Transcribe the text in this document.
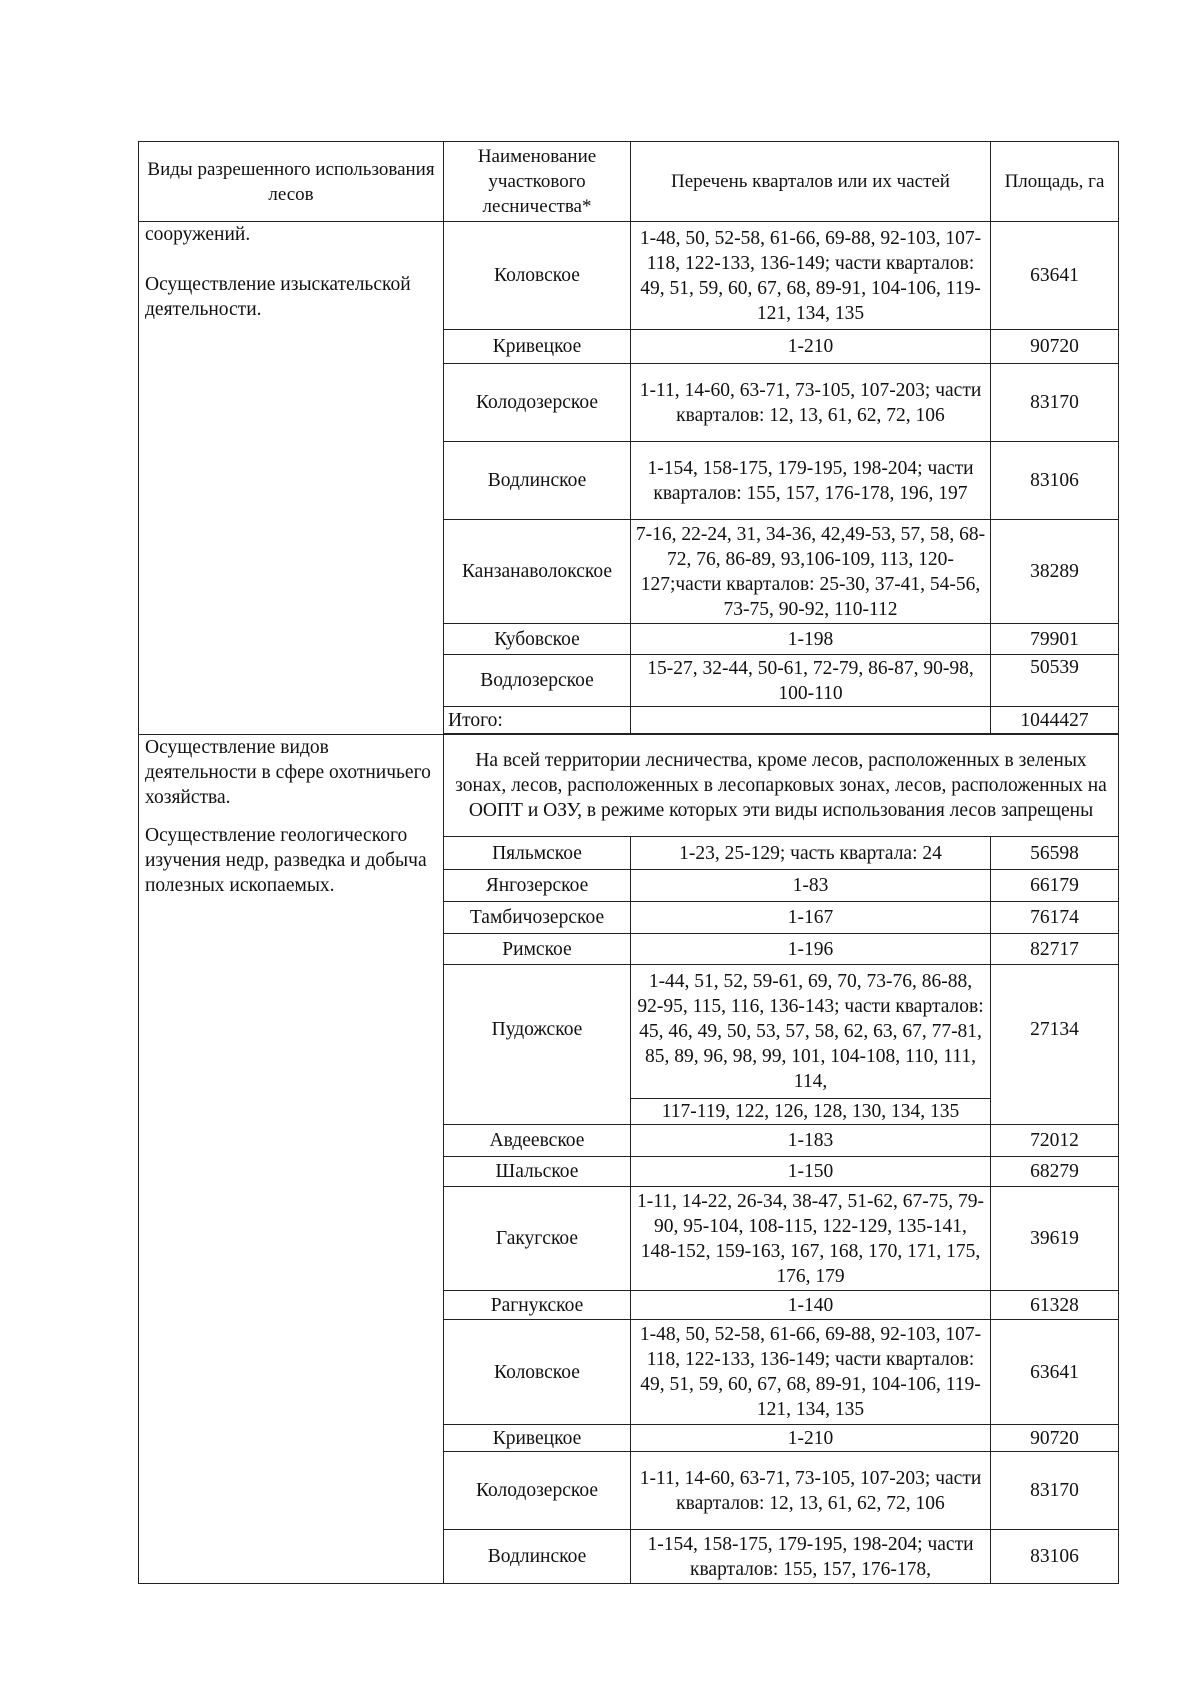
Виды разрешенного использования лесов	Наименование участкового лесничества*	Перечень кварталов или их частей	Площадь, га

сооружений.

Осуществление изыскательской деятельности.	Коловское	1-48, 50, 52-58, 61-66, 69-88, 92-103, 107-118, 122-133, 136-149; части кварталов: 49, 51, 59, 60, 67, 68, 89-91, 104-106, 119-121, 134, 135	63641
	Кривецкое	1-210	90720
	Колодозерское	1-11, 14-60, 63-71, 73-105, 107-203; части кварталов: 12, 13, 61, 62, 72, 106	83170
	Водлинское	1-154, 158-175, 179-195, 198-204; части кварталов: 155, 157, 176-178, 196, 197	83106
	Канзанаволокское	7-16, 22-24, 31, 34-36, 42,49-53, 57, 58, 68-72, 76, 86-89, 93,106-109, 113, 120-127;части кварталов: 25-30, 37-41, 54-56, 73-75, 90-92, 110-112	38289
	Кубовское	1-198	79901
	Водлозерское	15-27, 32-44, 50-61, 72-79, 86-87, 90-98, 100-110	50539
	Итого:		1044427

Осуществление видов деятельности в сфере охотничьего хозяйства.

Осуществление геологического изучения недр, разведка и добыча полезных ископаемых.	На всей территории лесничества, кроме лесов, расположенных в зеленых зонах, лесов, расположенных в лесопарковых зонах, лесов, расположенных на ООПТ и ОЗУ, в режиме которых эти виды использования лесов запрещены		
	Пяльмское	1-23, 25-129; часть квартала: 24	56598
	Янгозерское	1-83	66179
	Тамбичозерское	1-167	76174
	Римское	1-196	82717
	Пудожское	1-44, 51, 52, 59-61, 69, 70, 73-76, 86-88, 92-95, 115, 116, 136-143; части кварталов: 45, 46, 49, 50, 53, 57, 58, 62, 63, 67, 77-81, 85, 89, 96, 98, 99, 101, 104-108, 110, 111, 114,	27134
		117-119, 122, 126, 128, 130, 134, 135	
	Авдеевское	1-183	72012
	Шальское	1-150	68279
	Гакугское	1-11, 14-22, 26-34, 38-47, 51-62, 67-75, 79-90, 95-104, 108-115, 122-129, 135-141, 148-152, 159-163, 167, 168, 170, 171, 175, 176, 179	39619
	Рагнукское	1-140	61328
	Коловское	1-48, 50, 52-58, 61-66, 69-88, 92-103, 107-118, 122-133, 136-149; части кварталов: 49, 51, 59, 60, 67, 68, 89-91, 104-106, 119-121, 134, 135	63641
	Кривецкое	1-210	90720
	Колодозерское	1-11, 14-60, 63-71, 73-105, 107-203; части кварталов: 12, 13, 61, 62, 72, 106	83170
	Водлинское	1-154, 158-175, 179-195, 198-204; части кварталов: 155, 157, 176-178,	83106
